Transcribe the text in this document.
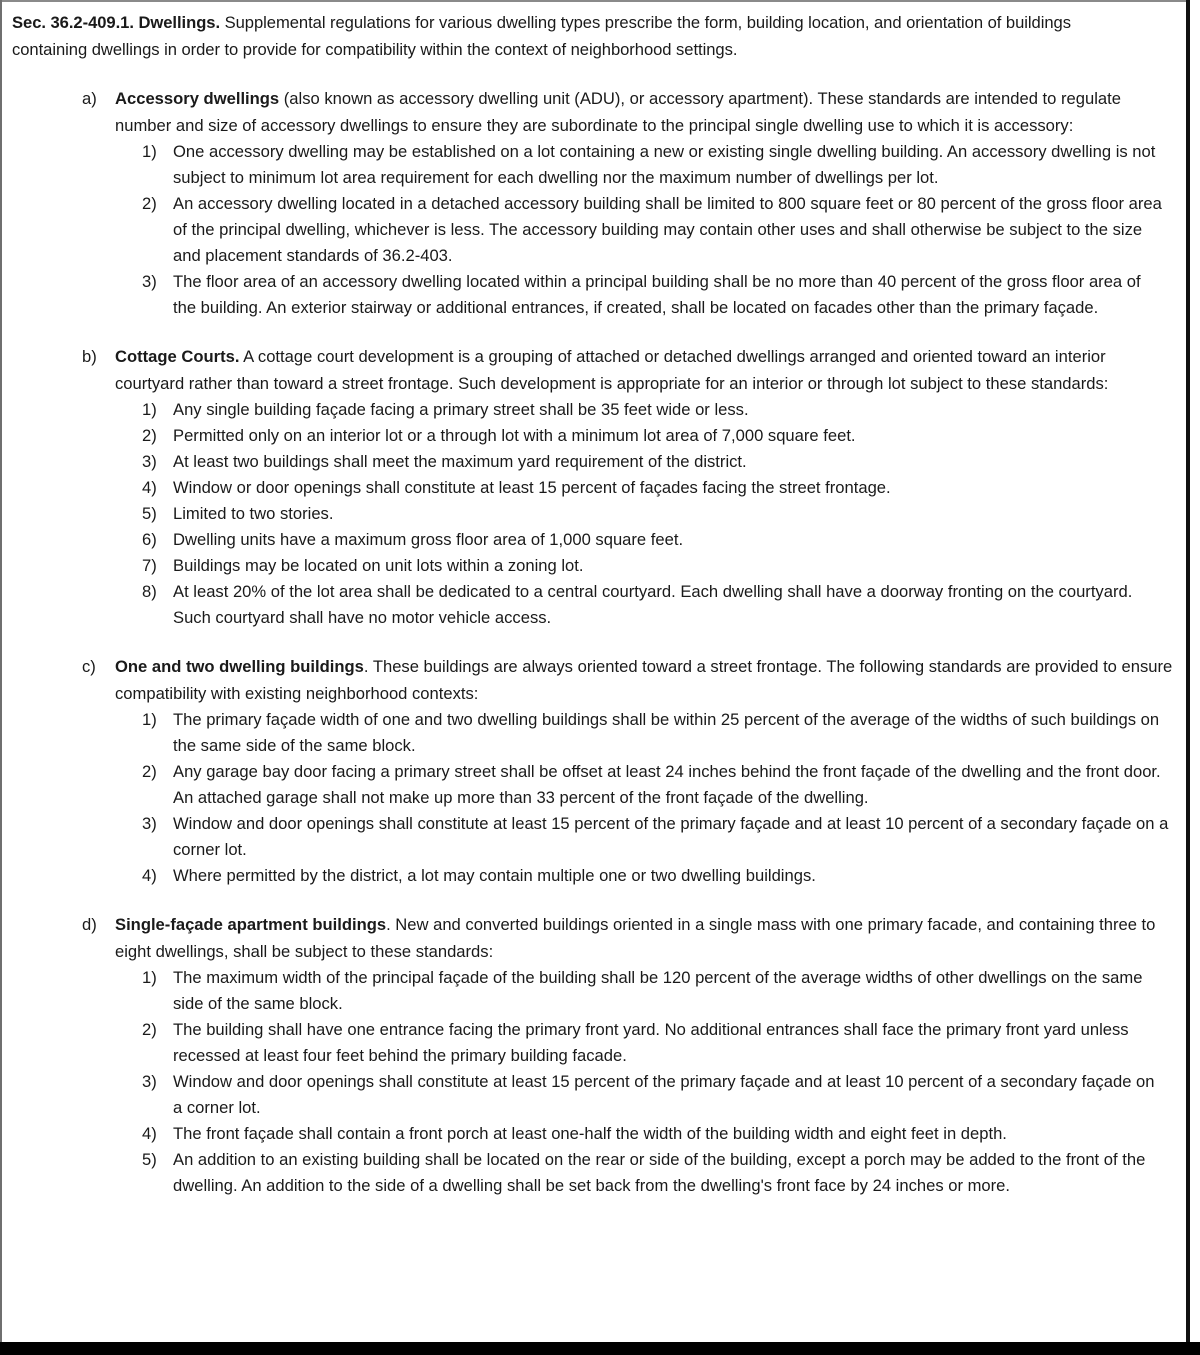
Sec. 36.2-409.1. Dwellings. Supplemental regulations for various dwelling types prescribe the form, building location, and orientation of buildings containing dwellings in order to provide for compatibility within the context of neighborhood settings.

a)	Accessory dwellings (also known as accessory dwelling unit (ADU), or accessory apartment). These standards are intended to regulate number and size of accessory dwellings to ensure they are subordinate to the principal single dwelling use to which it is accessory:

1) One accessory dwelling may be established on a lot containing a new or existing single dwelling building. An accessory dwelling is not subject to minimum lot area requirement for each dwelling nor the maximum number of dwellings per lot.
2) An accessory dwelling located in a detached accessory building shall be limited to 800 square feet or 80 percent of the gross floor area of the principal dwelling, whichever is less. The accessory building may contain other uses and shall otherwise be subject to the size and placement standards of 36.2-403.
3) The floor area of an accessory dwelling located within a principal building shall be no more than 40 percent of the gross floor area of the building. An exterior stairway or additional entrances, if created, shall be located on facades other than the primary façade.
b)	Cottage Courts. A cottage court development is a grouping of attached or detached dwellings arranged and oriented toward an interior courtyard rather than toward a street frontage. Such development is appropriate for an interior or through lot subject to these standards:

1) Any single building façade facing a primary street shall be 35 feet wide or less.
2) Permitted only on an interior lot or a through lot with a minimum lot area of 7,000 square feet.
3) At least two buildings shall meet the maximum yard requirement of the district.
4) Window or door openings shall constitute at least 15 percent of façades facing the street frontage.
5) Limited to two stories.
6) Dwelling units have a maximum gross floor area of 1,000 square feet.
7) Buildings may be located on unit lots within a zoning lot.
8) At least 20% of the lot area shall be dedicated to a central courtyard. Each dwelling shall have a doorway fronting on the courtyard. Such courtyard shall have no motor vehicle access.
c)	One and two dwelling buildings. These buildings are always oriented toward a street frontage. The following standards are provided to ensure compatibility with existing neighborhood contexts:

1) The primary façade width of one and two dwelling buildings shall be within 25 percent of the average of the widths of such buildings on the same side of the same block.
2) Any garage bay door facing a primary street shall be offset at least 24 inches behind the front façade of the dwelling and the front door. An attached garage shall not make up more than 33 percent of the front façade of the dwelling.
3) Window and door openings shall constitute at least 15 percent of the primary façade and at least 10 percent of a secondary façade on a corner lot.
4) Where permitted by the district, a lot may contain multiple one or two dwelling buildings.
d)	Single-façade apartment buildings. New and converted buildings oriented in a single mass with one primary facade, and containing three to eight dwellings, shall be subject to these standards:

1) The maximum width of the principal façade of the building shall be 120 percent of the average widths of other dwellings on the same side of the same block.
2) The building shall have one entrance facing the primary front yard. No additional entrances shall face the primary front yard unless recessed at least four feet behind the primary building facade.
3) Window and door openings shall constitute at least 15 percent of the primary façade and at least 10 percent of a secondary façade on a corner lot.
4) The front façade shall contain a front porch at least one-half the width of the building width and eight feet in depth.
5) An addition to an existing building shall be located on the rear or side of the building, except a porch may be added to the front of the dwelling. An addition to the side of a dwelling shall be set back from the dwelling's front face by 24 inches or more.
